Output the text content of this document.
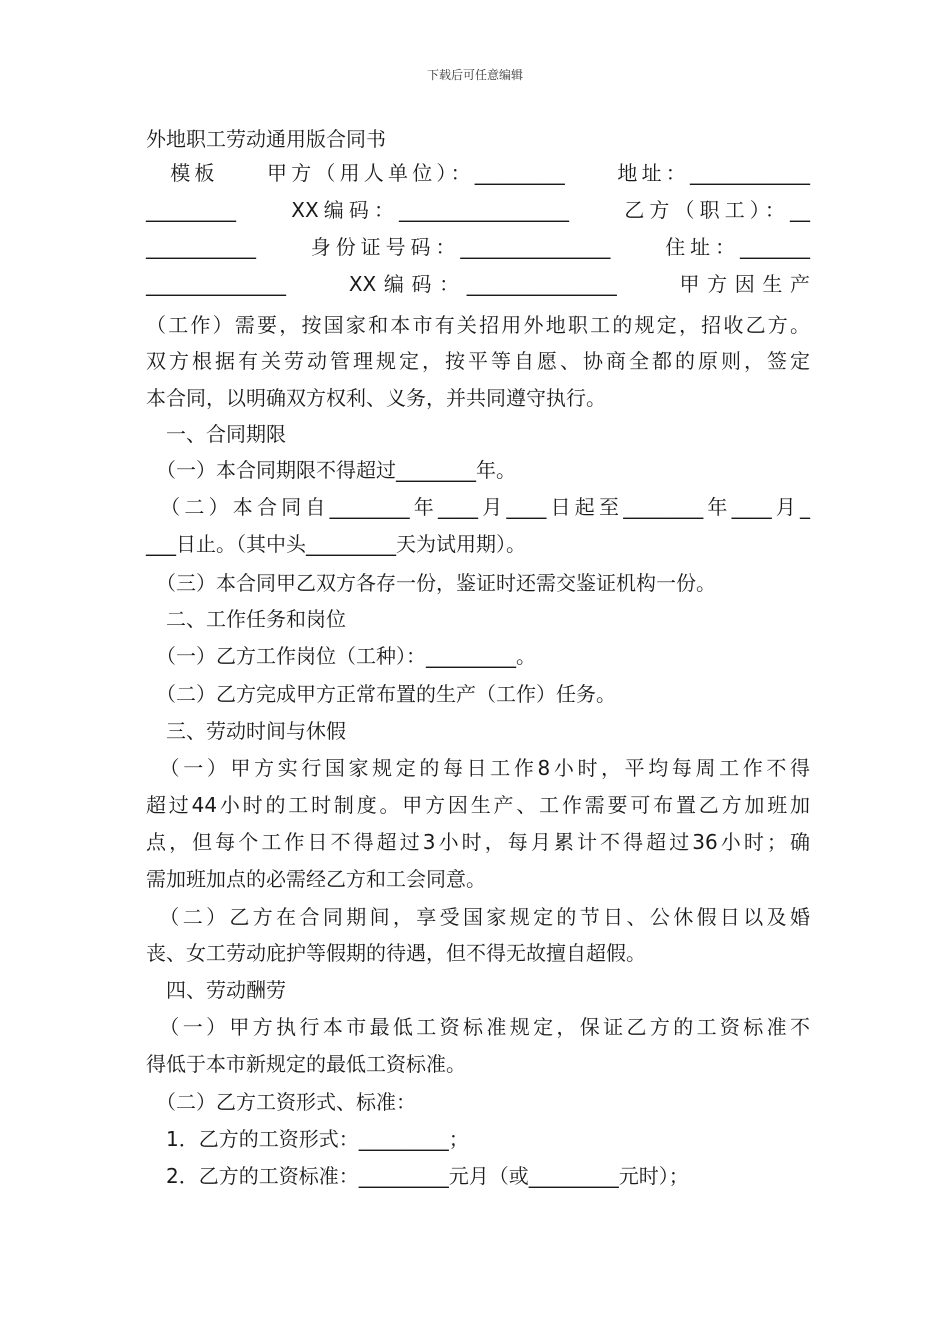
下载后可任意编辑
外地职工劳动通用版合同书
　模板　　甲方（用人单位）：_________　　地址：____________
_________　　XX编码：_________________　　乙方（职工）：__
___________　　身份证号码：_______________　　住址：_______
______________　　XX编码：_______________　　甲方因生产
（工作）需要，按国家和本市有关招用外地职工的规定，招收乙方。
双方根据有关劳动管理规定，按平等自愿、协商全都的原则，签定
本合同，以明确双方权利、义务，并共同遵守执行。
　一、合同期限
　（一）本合同期限不得超过________年。
　（二）本合同自________年____月____日起至________年____月_
___日止。（其中头_________天为试用期）。
　（三）本合同甲乙双方各存一份，鉴证时还需交鉴证机构一份。
　二、工作任务和岗位
　（一）乙方工作岗位（工种）：_________。
　（二）乙方完成甲方正常布置的生产（工作）任务。
　三、劳动时间与休假
　（一）甲方实行国家规定的每日工作8小时，平均每周工作不得
超过44小时的工时制度。甲方因生产、工作需要可布置乙方加班加
点，但每个工作日不得超过3小时，每月累计不得超过36小时；确
需加班加点的必需经乙方和工会同意。
　（二）乙方在合同期间，享受国家规定的节日、公休假日以及婚
丧、女工劳动庇护等假期的待遇，但不得无故擅自超假。
　四、劳动酬劳
　（一）甲方执行本市最低工资标准规定，保证乙方的工资标准不
得低于本市新规定的最低工资标准。
　（二）乙方工资形式、标准：
　1．乙方的工资形式：_________；
　2．乙方的工资标准：_________元月（或_________元时）；
